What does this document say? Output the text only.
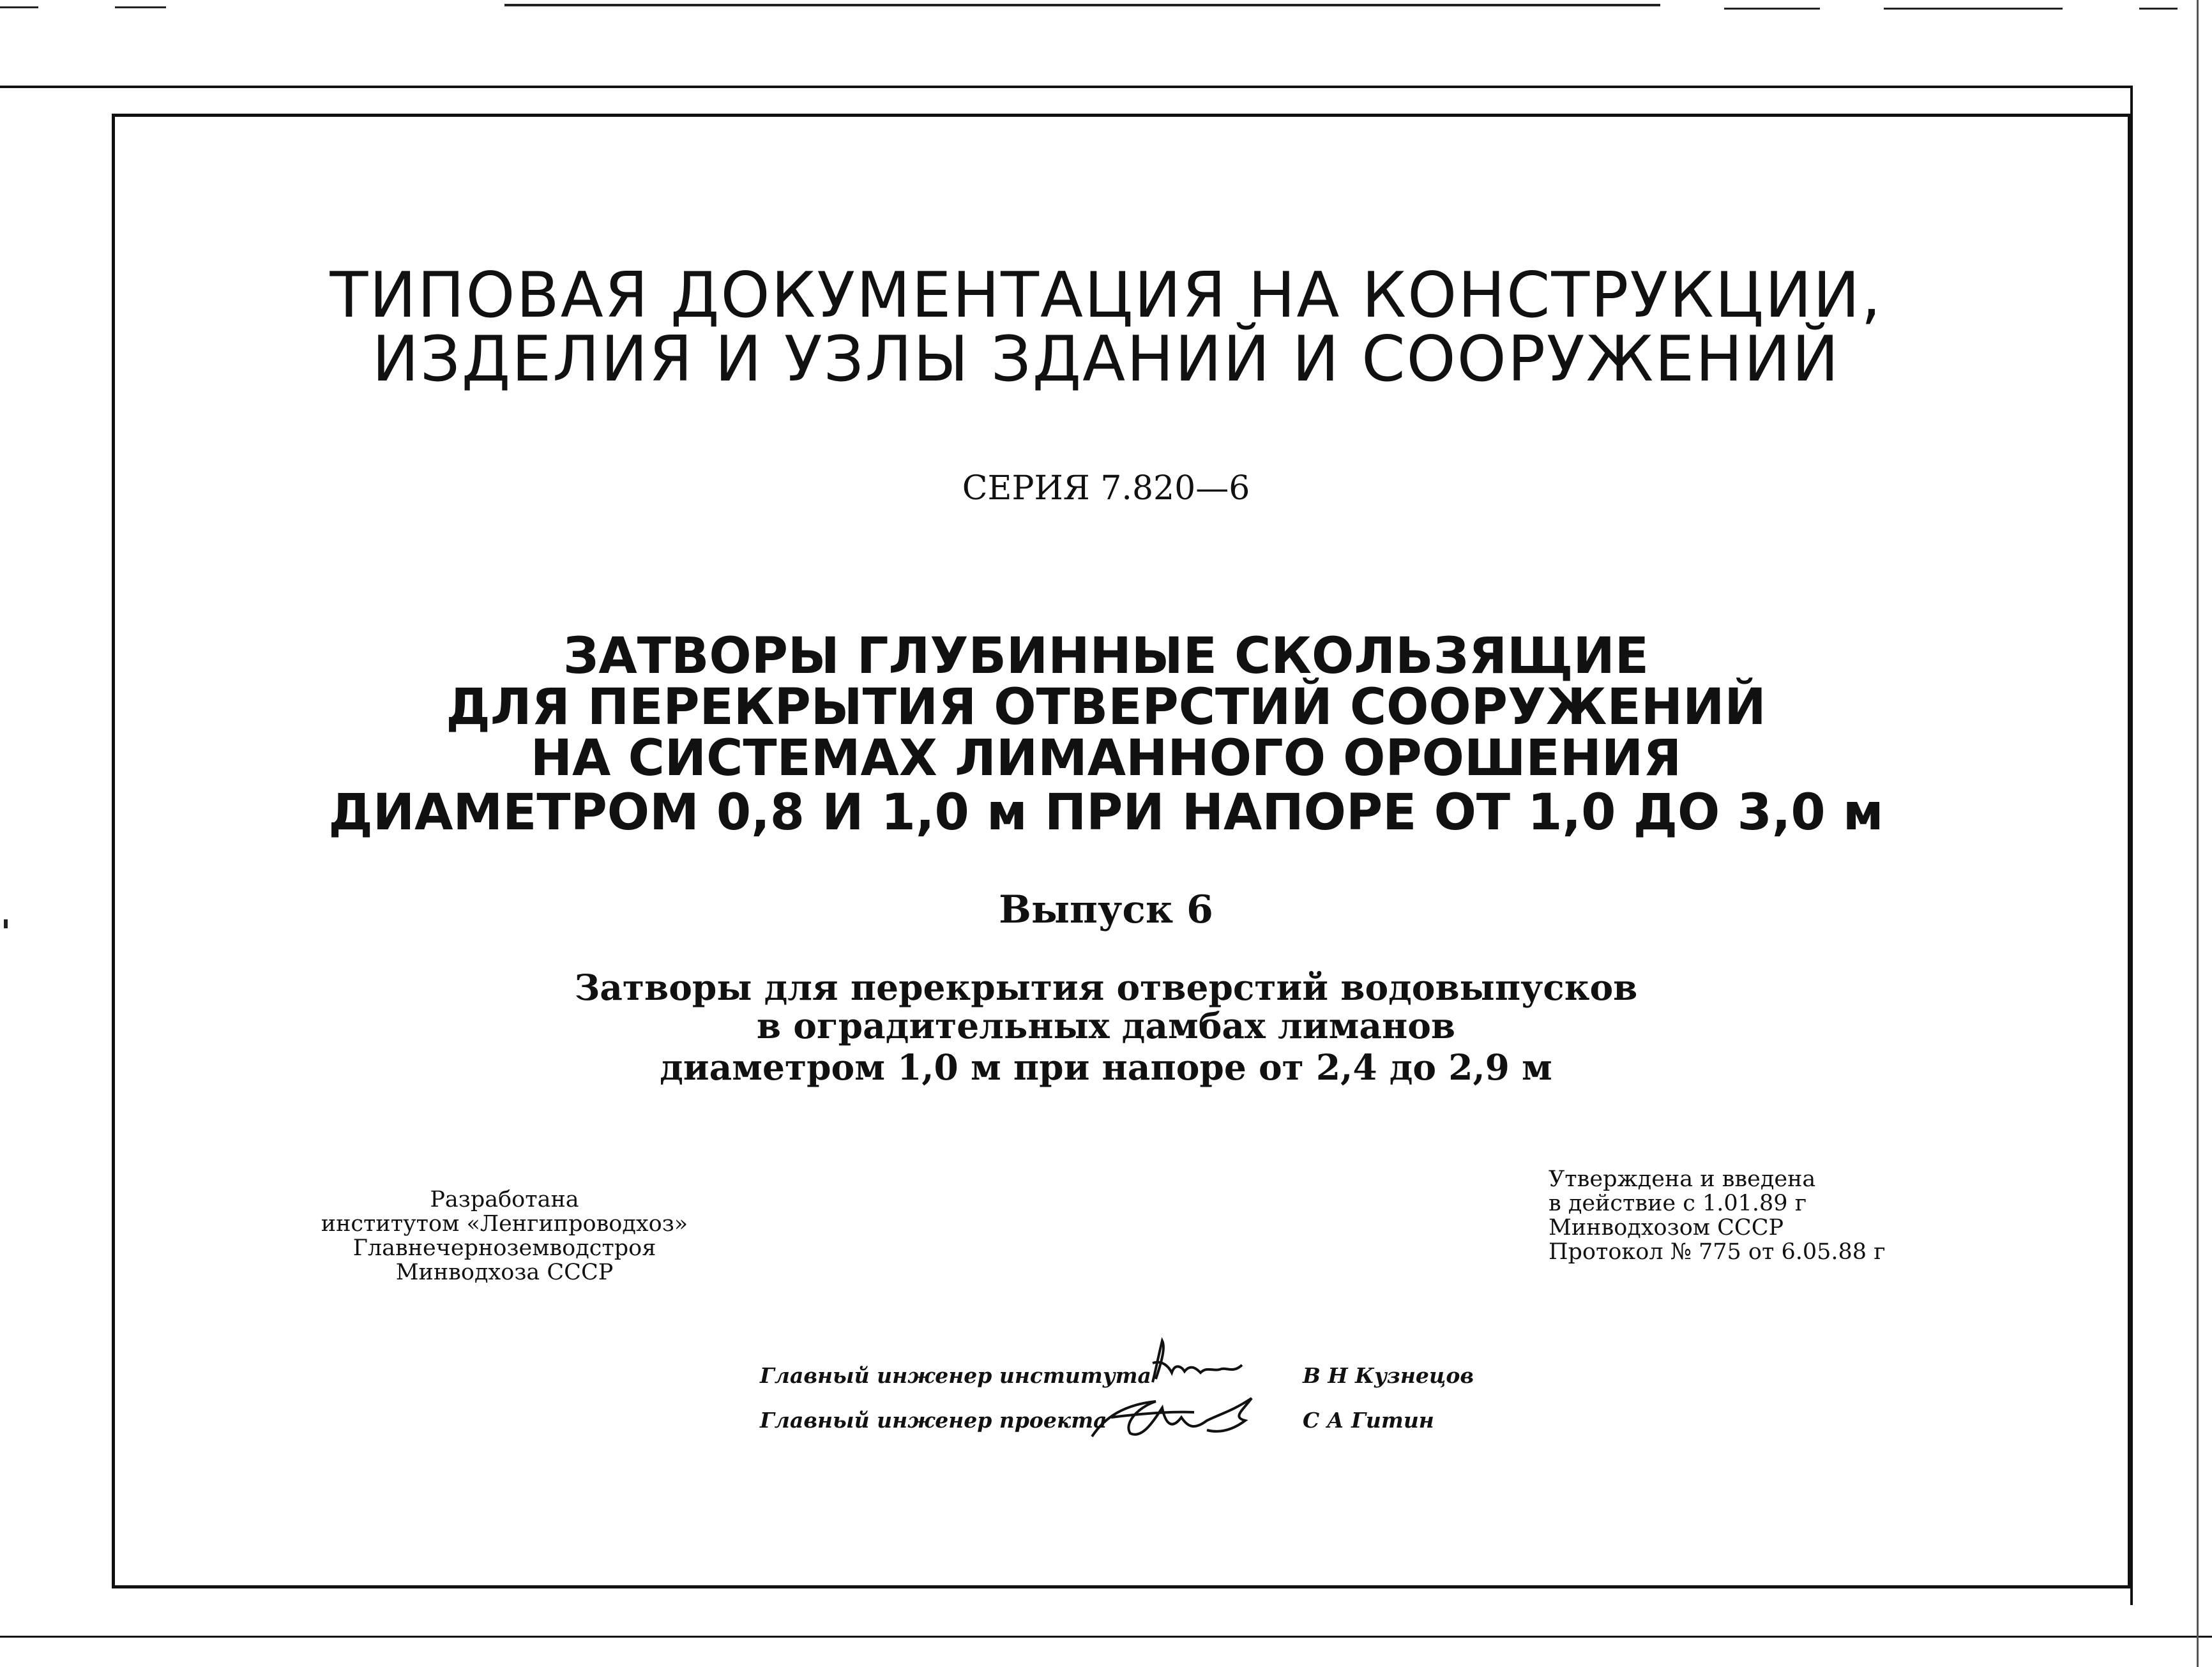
ТИПОВАЯ ДОКУМЕНТАЦИЯ НА КОНСТРУКЦИИ,
ИЗДЕЛИЯ И УЗЛЫ ЗДАНИЙ И СООРУЖЕНИЙ
СЕРИЯ 7.820—6
ЗАТВОРЫ ГЛУБИННЫЕ СКОЛЬЗЯЩИЕ
ДЛЯ ПЕРЕКРЫТИЯ ОТВЕРСТИЙ СООРУЖЕНИЙ
НА СИСТЕМАХ ЛИМАННОГО ОРОШЕНИЯ
ДИАМЕТРОМ 0,8 И 1,0 м ПРИ НАПОРЕ ОТ 1,0 ДО 3,0 м
Выпуск 6
Затворы для перекрытия отверстий водовыпусков
в оградительных дамбах лиманов
диаметром 1,0 м при напоре от 2,4 до 2,9 м
Разработана
институтом «Ленгипроводхоз»
Главнечерноземводстроя
Минводхоза СССР
Утверждена и введена
в действие с 1.01.89 г
Минводхозом СССР
Протокол № 775 от 6.05.88 г
Главный инженер института	В Н Кузнецов
Главный инженер проекта	С А Гитин
